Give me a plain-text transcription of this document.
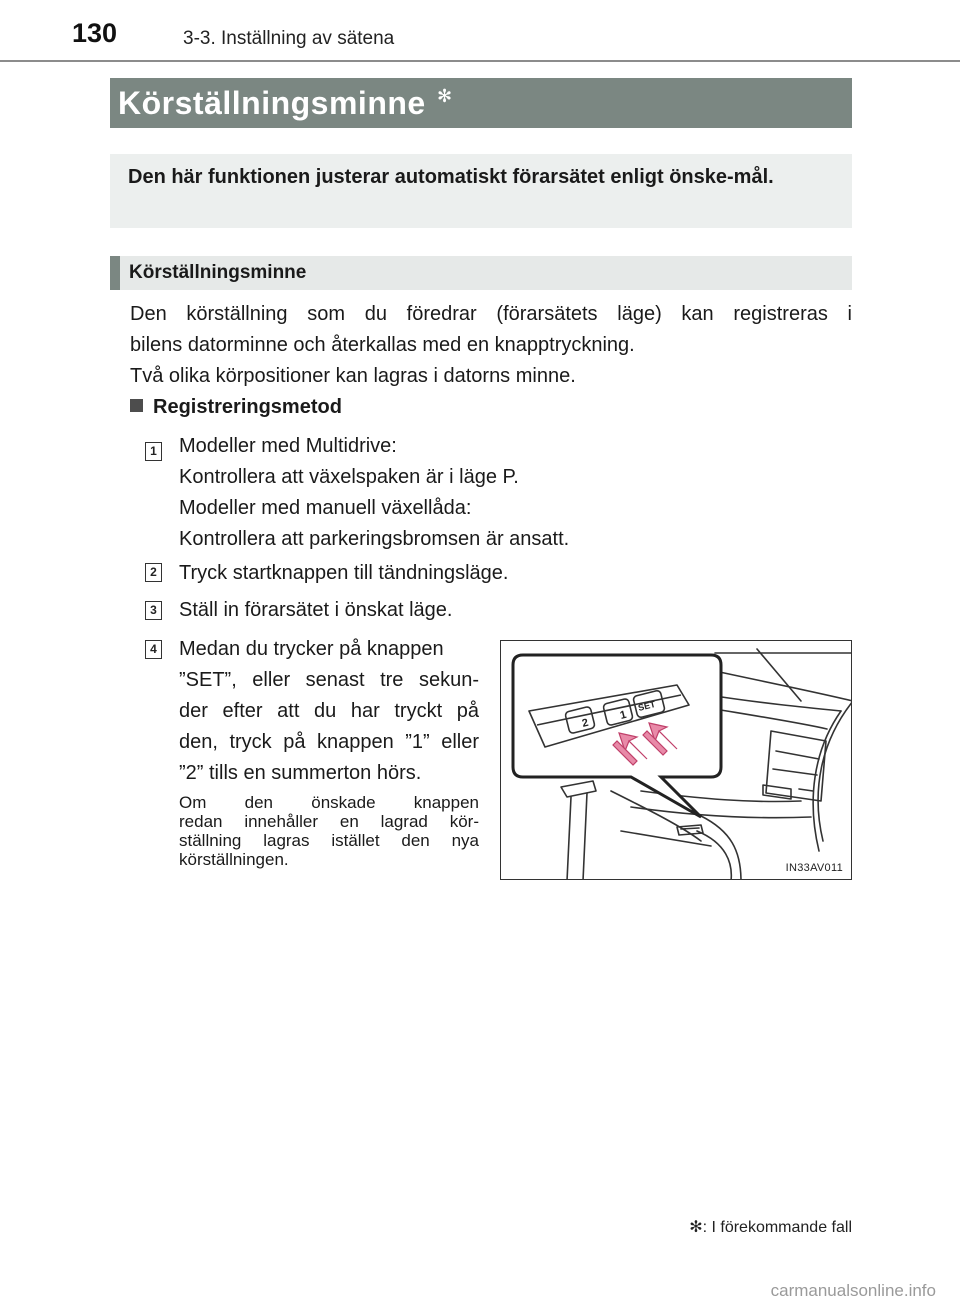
130	3-3. Inställning av sätena
Körställningsminne ✻
Den här funktionen justerar automatiskt förarsätet enligt önske-mål.
Körställningsminne

Den körställning som du föredrar (förarsätets läge) kan registreras i

bilens datorminne och återkallas med en knapptryckning.

Två olika körpositioner kan lagras i datorns minne.

Registreringsmetod
1 Modeller med Multidrive:

Kontrollera att växelspaken är i läge P.

Modeller med manuell växellåda:

Kontrollera att parkeringsbromsen är ansatt.

2 Tryck startknappen till tändningsläge.

3 Ställ in förarsätet i önskat läge.

4 Medan du trycker på knappen
”SET”, eller senast tre sekun-
der efter att du har tryckt på
den, tryck på knappen ”1” eller
”2” tills en summerton hörs.
Om den önskade knappen
redan innehåller en lagrad kör-
ställning lagras istället den nya
körställningen.
2
1
SET
IN33AV011
✻: I förekommande fall
carmanualsonline.info
